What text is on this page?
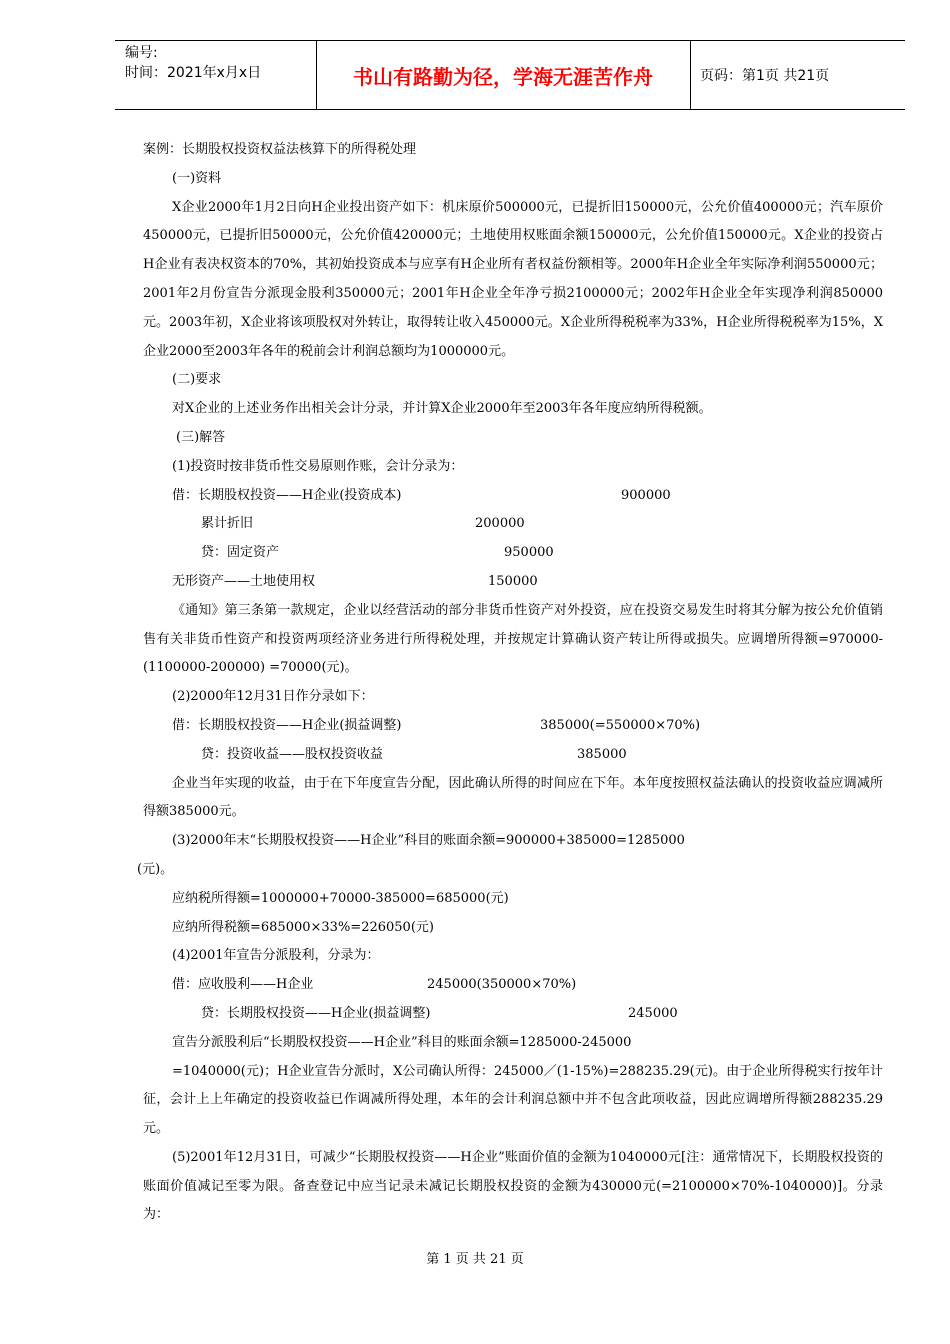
编号:
时间：2021年x月x日	书山有路勤为径，学海无涯苦作舟	页码：第1页 共21页

案例：长期股权投资权益法核算下的所得税处理

(一)资料

X企业2000年1月2日向H企业投出资产如下：机床原价500000元，已提折旧150000元，公允价值400000元；汽车原价450000元，已提折旧50000元，公允价值420000元；土地使用权账面余额150000元，公允价值150000元。X企业的投资占H企业有表决权资本的70%，其初始投资成本与应享有H企业所有者权益份额相等。2000年H企业全年实际净利润550000元；2001年2月份宣告分派现金股利350000元；2001年H企业全年净亏损2100000元；2002年H企业全年实现净利润850000元。2003年初，X企业将该项股权对外转让，取得转让收入450000元。X企业所得税税率为33%，H企业所得税税率为15%，X企业2000至2003年各年的税前会计利润总额均为1000000元。

(二)要求

对X企业的上述业务作出相关会计分录，并计算X企业2000年至2003年各年度应纳所得税额。

(三)解答

(1)投资时按非货币性交易原则作账，会计分录为：

借：长期股权投资——H企业(投资成本)	900000

累计折旧	200000

贷：固定资产	950000

无形资产——土地使用权	150000

《通知》第三条第一款规定，企业以经营活动的部分非货币性资产对外投资，应在投资交易发生时将其分解为按公允价值销售有关非货币性资产和投资两项经济业务进行所得税处理，并按规定计算确认资产转让所得或损失。应调增所得额=970000-(1100000-200000) =70000(元)。

(2)2000年12月31日作分录如下：

借：长期股权投资——H企业(损益调整)	385000(=550000×70%)

贷：投资收益——股权投资收益	385000

企业当年实现的收益，由于在下年度宣告分配，因此确认所得的时间应在下年。本年度按照权益法确认的投资收益应调减所得额385000元。

(3)2000年末“长期股权投资——H企业”科目的账面余额=900000+385000=1285000

(元)。

应纳税所得额=1000000+70000-385000=685000(元)

应纳所得税额=685000×33%=226050(元)

(4)2001年宣告分派股利，分录为：

借：应收股利——H企业	245000(350000×70%)

贷：长期股权投资——H企业(损益调整)	245000

宣告分派股利后“长期股权投资——H企业”科目的账面余额=1285000-245000

=1040000(元)；H企业宣告分派时，X公司确认所得：245000／(1-15%)=288235.29(元)。由于企业所得税实行按年计征，会计上上年确定的投资收益已作调减所得处理，本年的会计利润总额中并不包含此项收益，因此应调增所得额288235.29元。

(5)2001年12月31日，可减少“长期股权投资——H企业”账面价值的金额为1040000元[注：通常情况下，长期股权投资的账面价值减记至零为限。备查登记中应当记录未减记长期股权投资的金额为430000元(=2100000×70%-1040000)]。分录为：

第 1 页 共 21 页
